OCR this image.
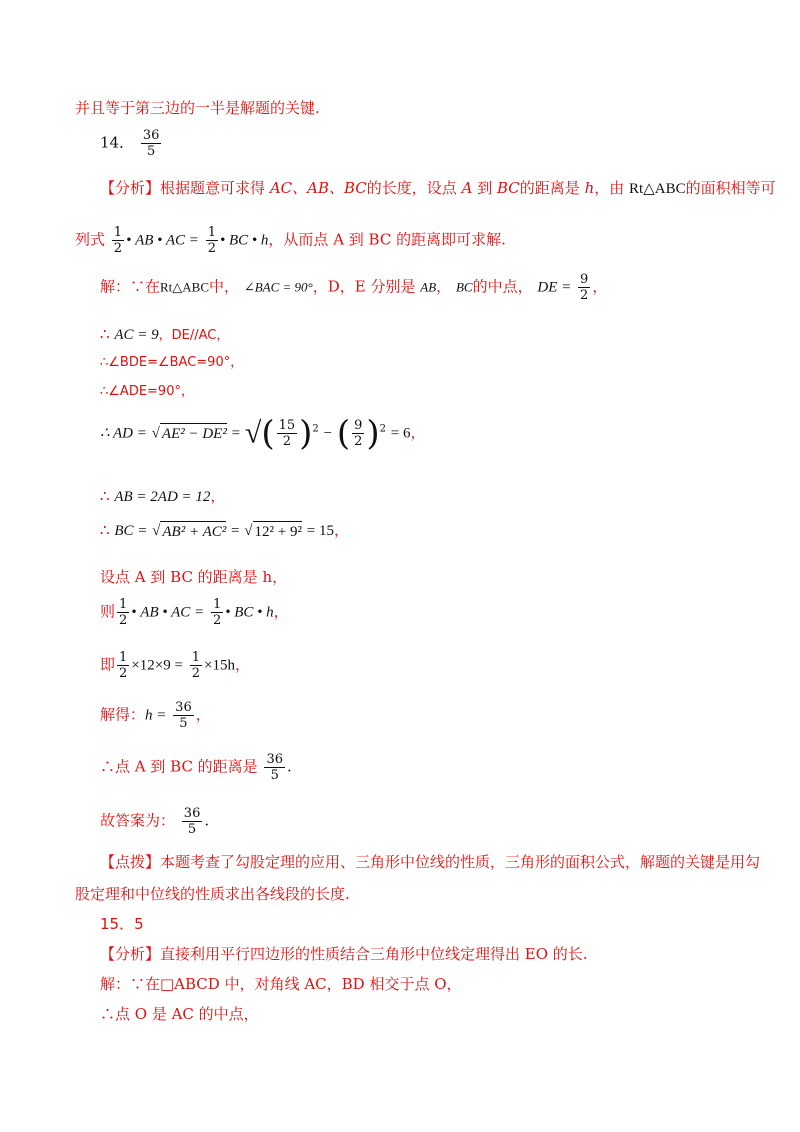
并且等于第三边的一半是解题的关键.
14． $\frac{36}{5}$
【分析】根据题意可求得 AC、AB、BC的长度，设点 A 到 BC的距离是 h，由 Rt△ABC的面积相等可
列式 $\frac{1}{2}$ • AB • AC = $\frac{1}{2}$ • BC • h，从而点 A 到 BC 的距离即可求解.
解：∵在Rt△ABC中， ∠BAC = 90°，D，E 分别是 AB， BC的中点， DE = $\frac{9}{2}$ ，
∴ AC = 9，DE//AC，
∴∠BDE=∠BAC=90°，
∴∠ADE=90°，
∴ AD = √ AE² − DE² = √( $\frac{15}{2} )^2$ − ( $\frac{9}{2} )^2 = 6$，
∴ AB = 2AD = 12，
∴ BC = √ AB² + AC² = √ 12² + 9² = 15，
设点 A 到 BC 的距离是 h，
则 $\frac{1}{2}$ • AB • AC = $\frac{1}{2}$ • BC • h，
即 $\frac{1}{2} \times 12\times 9 = \frac{1}{2} \times 15h$，
解得：$h = \frac{36}{5}$ ，
∴点 A 到 BC 的距离是 $\frac{36}{5}$ .
故答案为： $\frac{36}{5}$ .
【点拨】本题考查了勾股定理的应用、三角形中位线的性质，三角形的面积公式，解题的关键是用勾
股定理和中位线的性质求出各线段的长度.
15．5
【分析】直接利用平行四边形的性质结合三角形中位线定理得出 EO 的长.
解：∵在□ABCD 中，对角线 AC，BD 相交于点 O，
∴点 O 是 AC 的中点，
